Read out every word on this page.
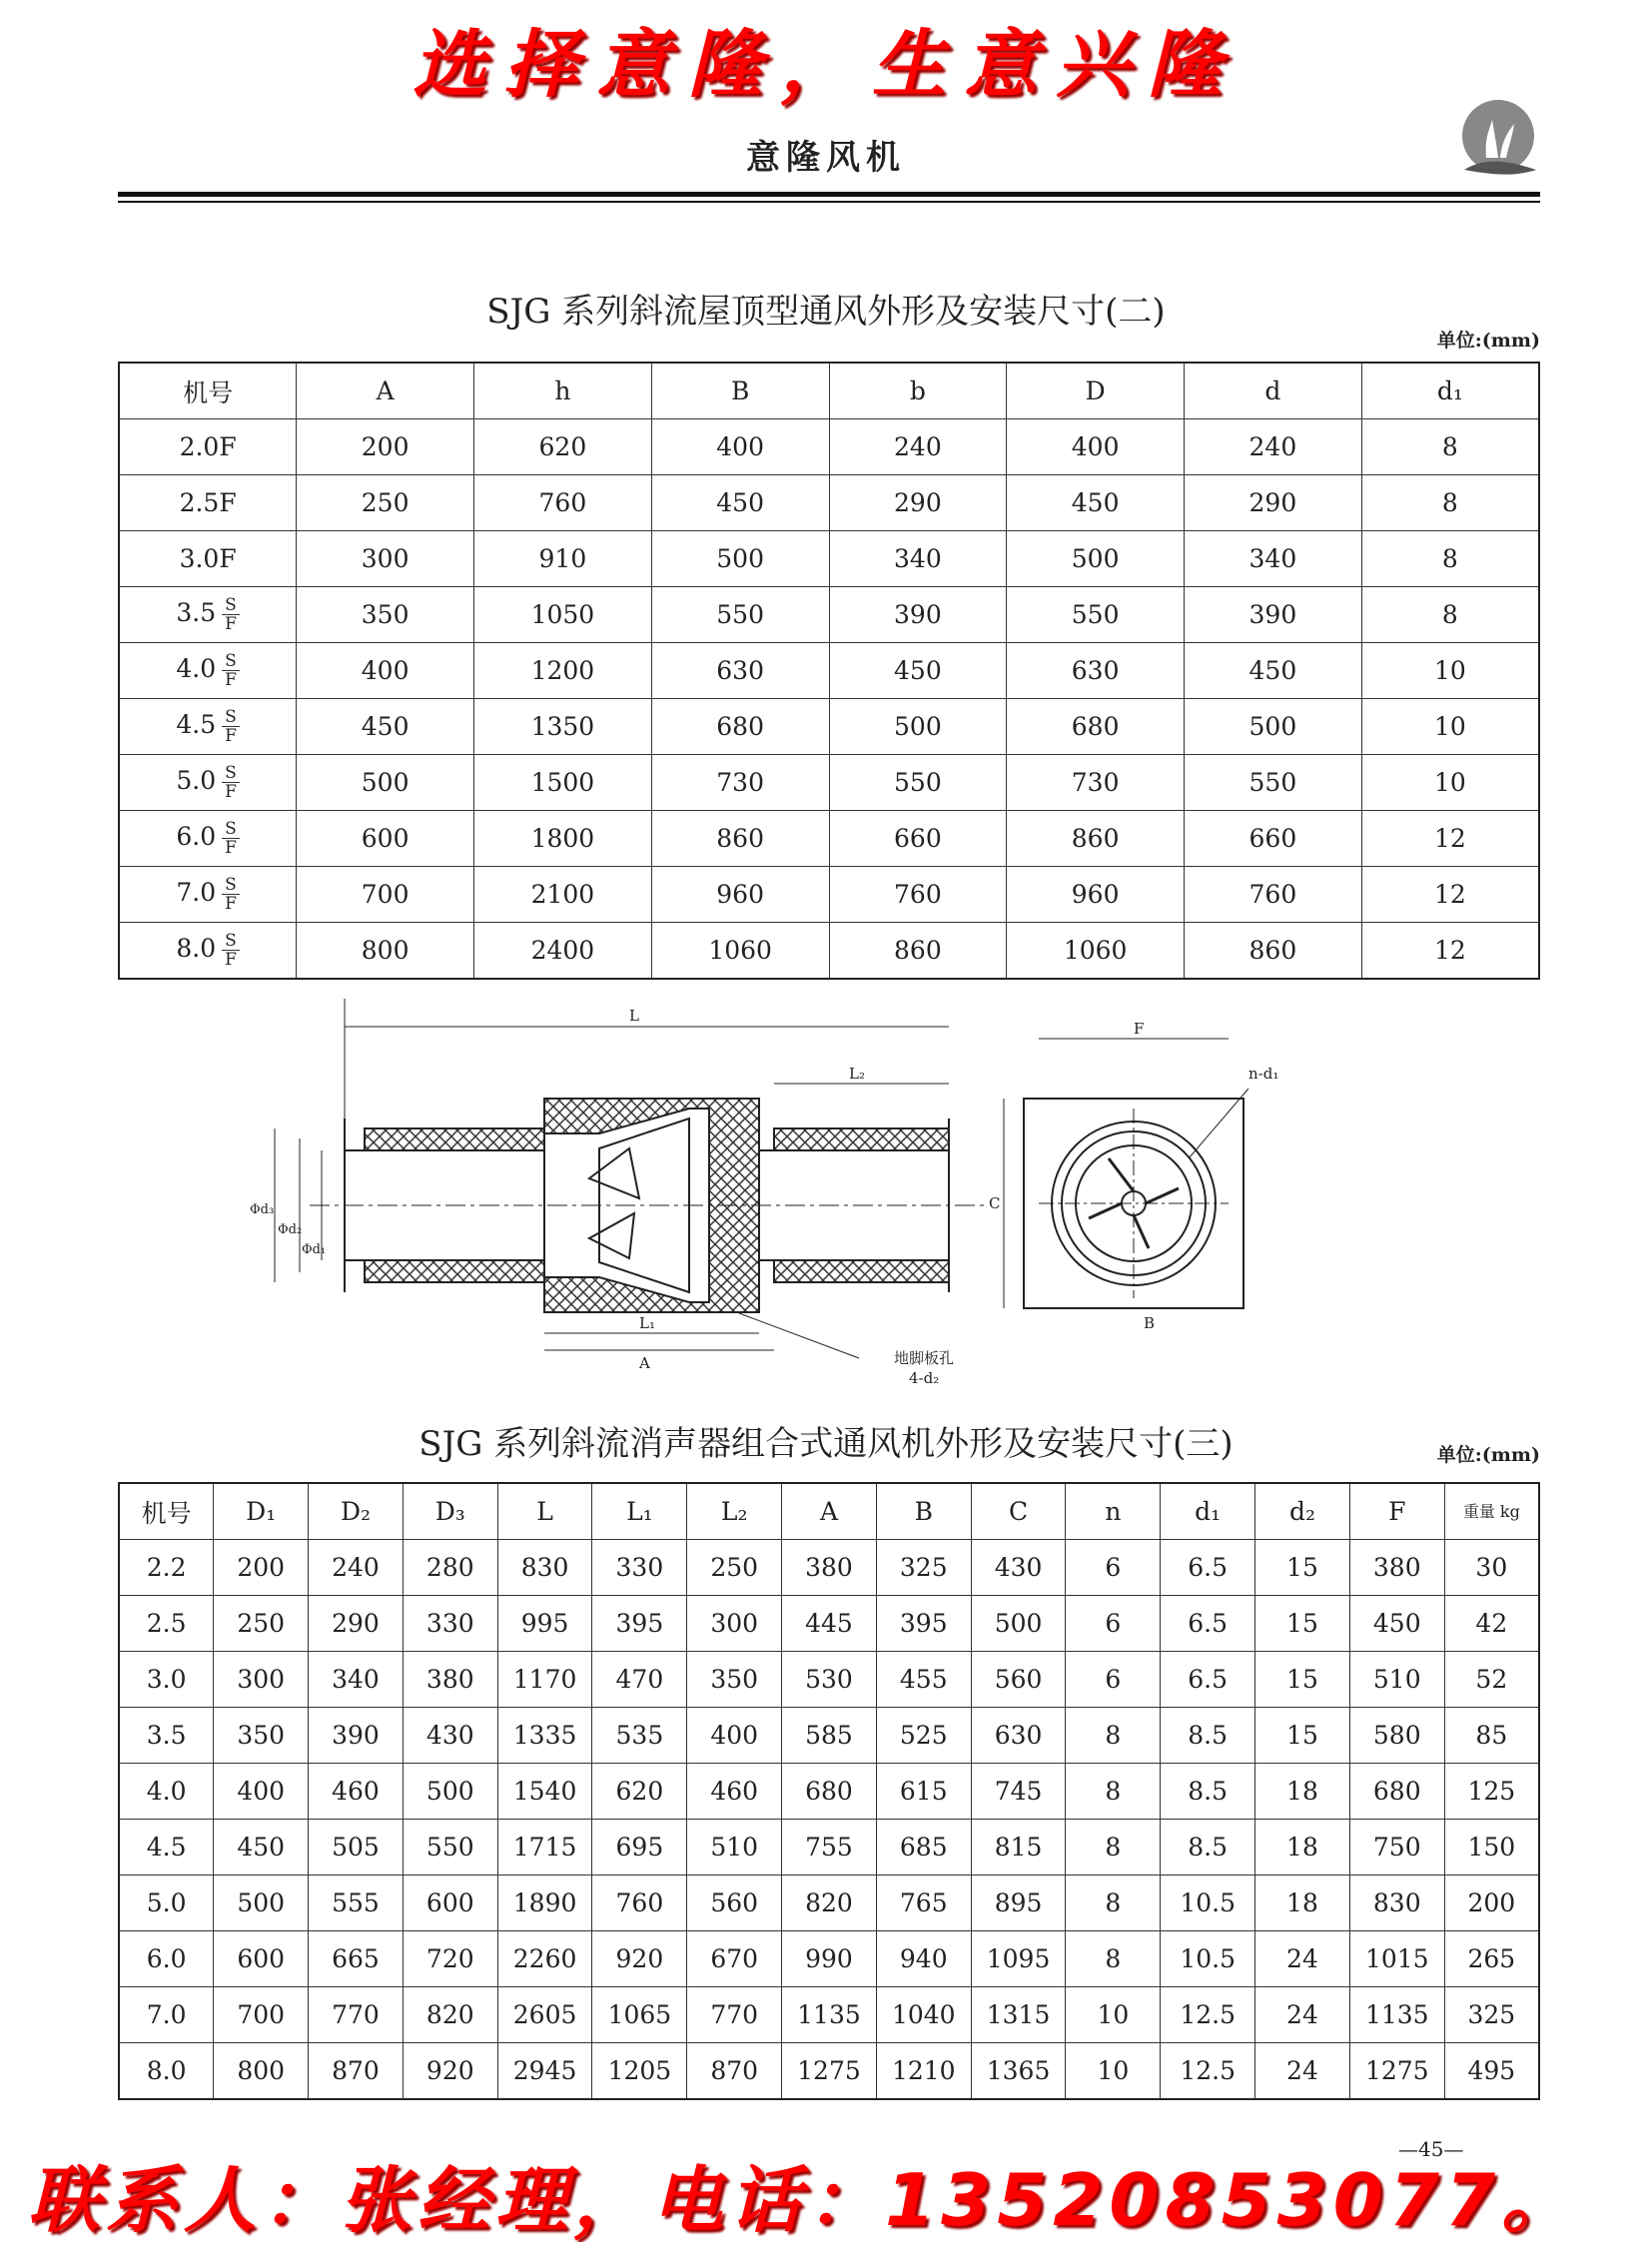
选择意隆，生意兴隆
意隆风机
SJG 系列斜流屋顶型通风外形及安装尺寸(二)
单位:(mm)
机号	A	h	B	b	D	d	d₁
2.0F	200	620	400	240	400	240	8
2.5F	250	760	450	290	450	290	8
3.0F	300	910	500	340	500	340	8
$3.5 \frac{S}{F}$	350	1050	550	390	550	390	8
$4.0 \frac{S}{F}$	400	1200	630	450	630	450	10
$4.5 \frac{S}{F}$	450	1350	680	500	680	500	10
$5.0 \frac{S}{F}$	500	1500	730	550	730	550	10
$6.0 \frac{S}{F}$	600	1800	860	660	860	660	12
$7.0 \frac{S}{F}$	700	2100	960	760	960	760	12
$8.0 \frac{S}{F}$	800	2400	1060	860	1060	860	12
L
L₂
L₁
A
Φd₃
Φd₂
Φd₁
地脚板孔
4-d₂
F
C
B
n-d₁
SJG 系列斜流消声器组合式通风机外形及安装尺寸(三)	单位:(mm)
机号	D₁	D₂	D₃	L	L₁	L₂	A	B	C	n	d₁	d₂	F	重量 kg
2.2	200	240	280	830	330	250	380	325	430	6	6.5	15	380	30
2.5	250	290	330	995	395	300	445	395	500	6	6.5	15	450	42
3.0	300	340	380	1170	470	350	530	455	560	6	6.5	15	510	52
3.5	350	390	430	1335	535	400	585	525	630	8	8.5	15	580	85
4.0	400	460	500	1540	620	460	680	615	745	8	8.5	18	680	125
4.5	450	505	550	1715	695	510	755	685	815	8	8.5	18	750	150
5.0	500	555	600	1890	760	560	820	765	895	8	10.5	18	830	200
6.0	600	665	720	2260	920	670	990	940	1095	8	10.5	24	1015	265
7.0	700	770	820	2605	1065	770	1135	1040	1315	10	12.5	24	1135	325
8.0	800	870	920	2945	1205	870	1275	1210	1365	10	12.5	24	1275	495
—45—
联系人：张经理，电话：13520853077。
